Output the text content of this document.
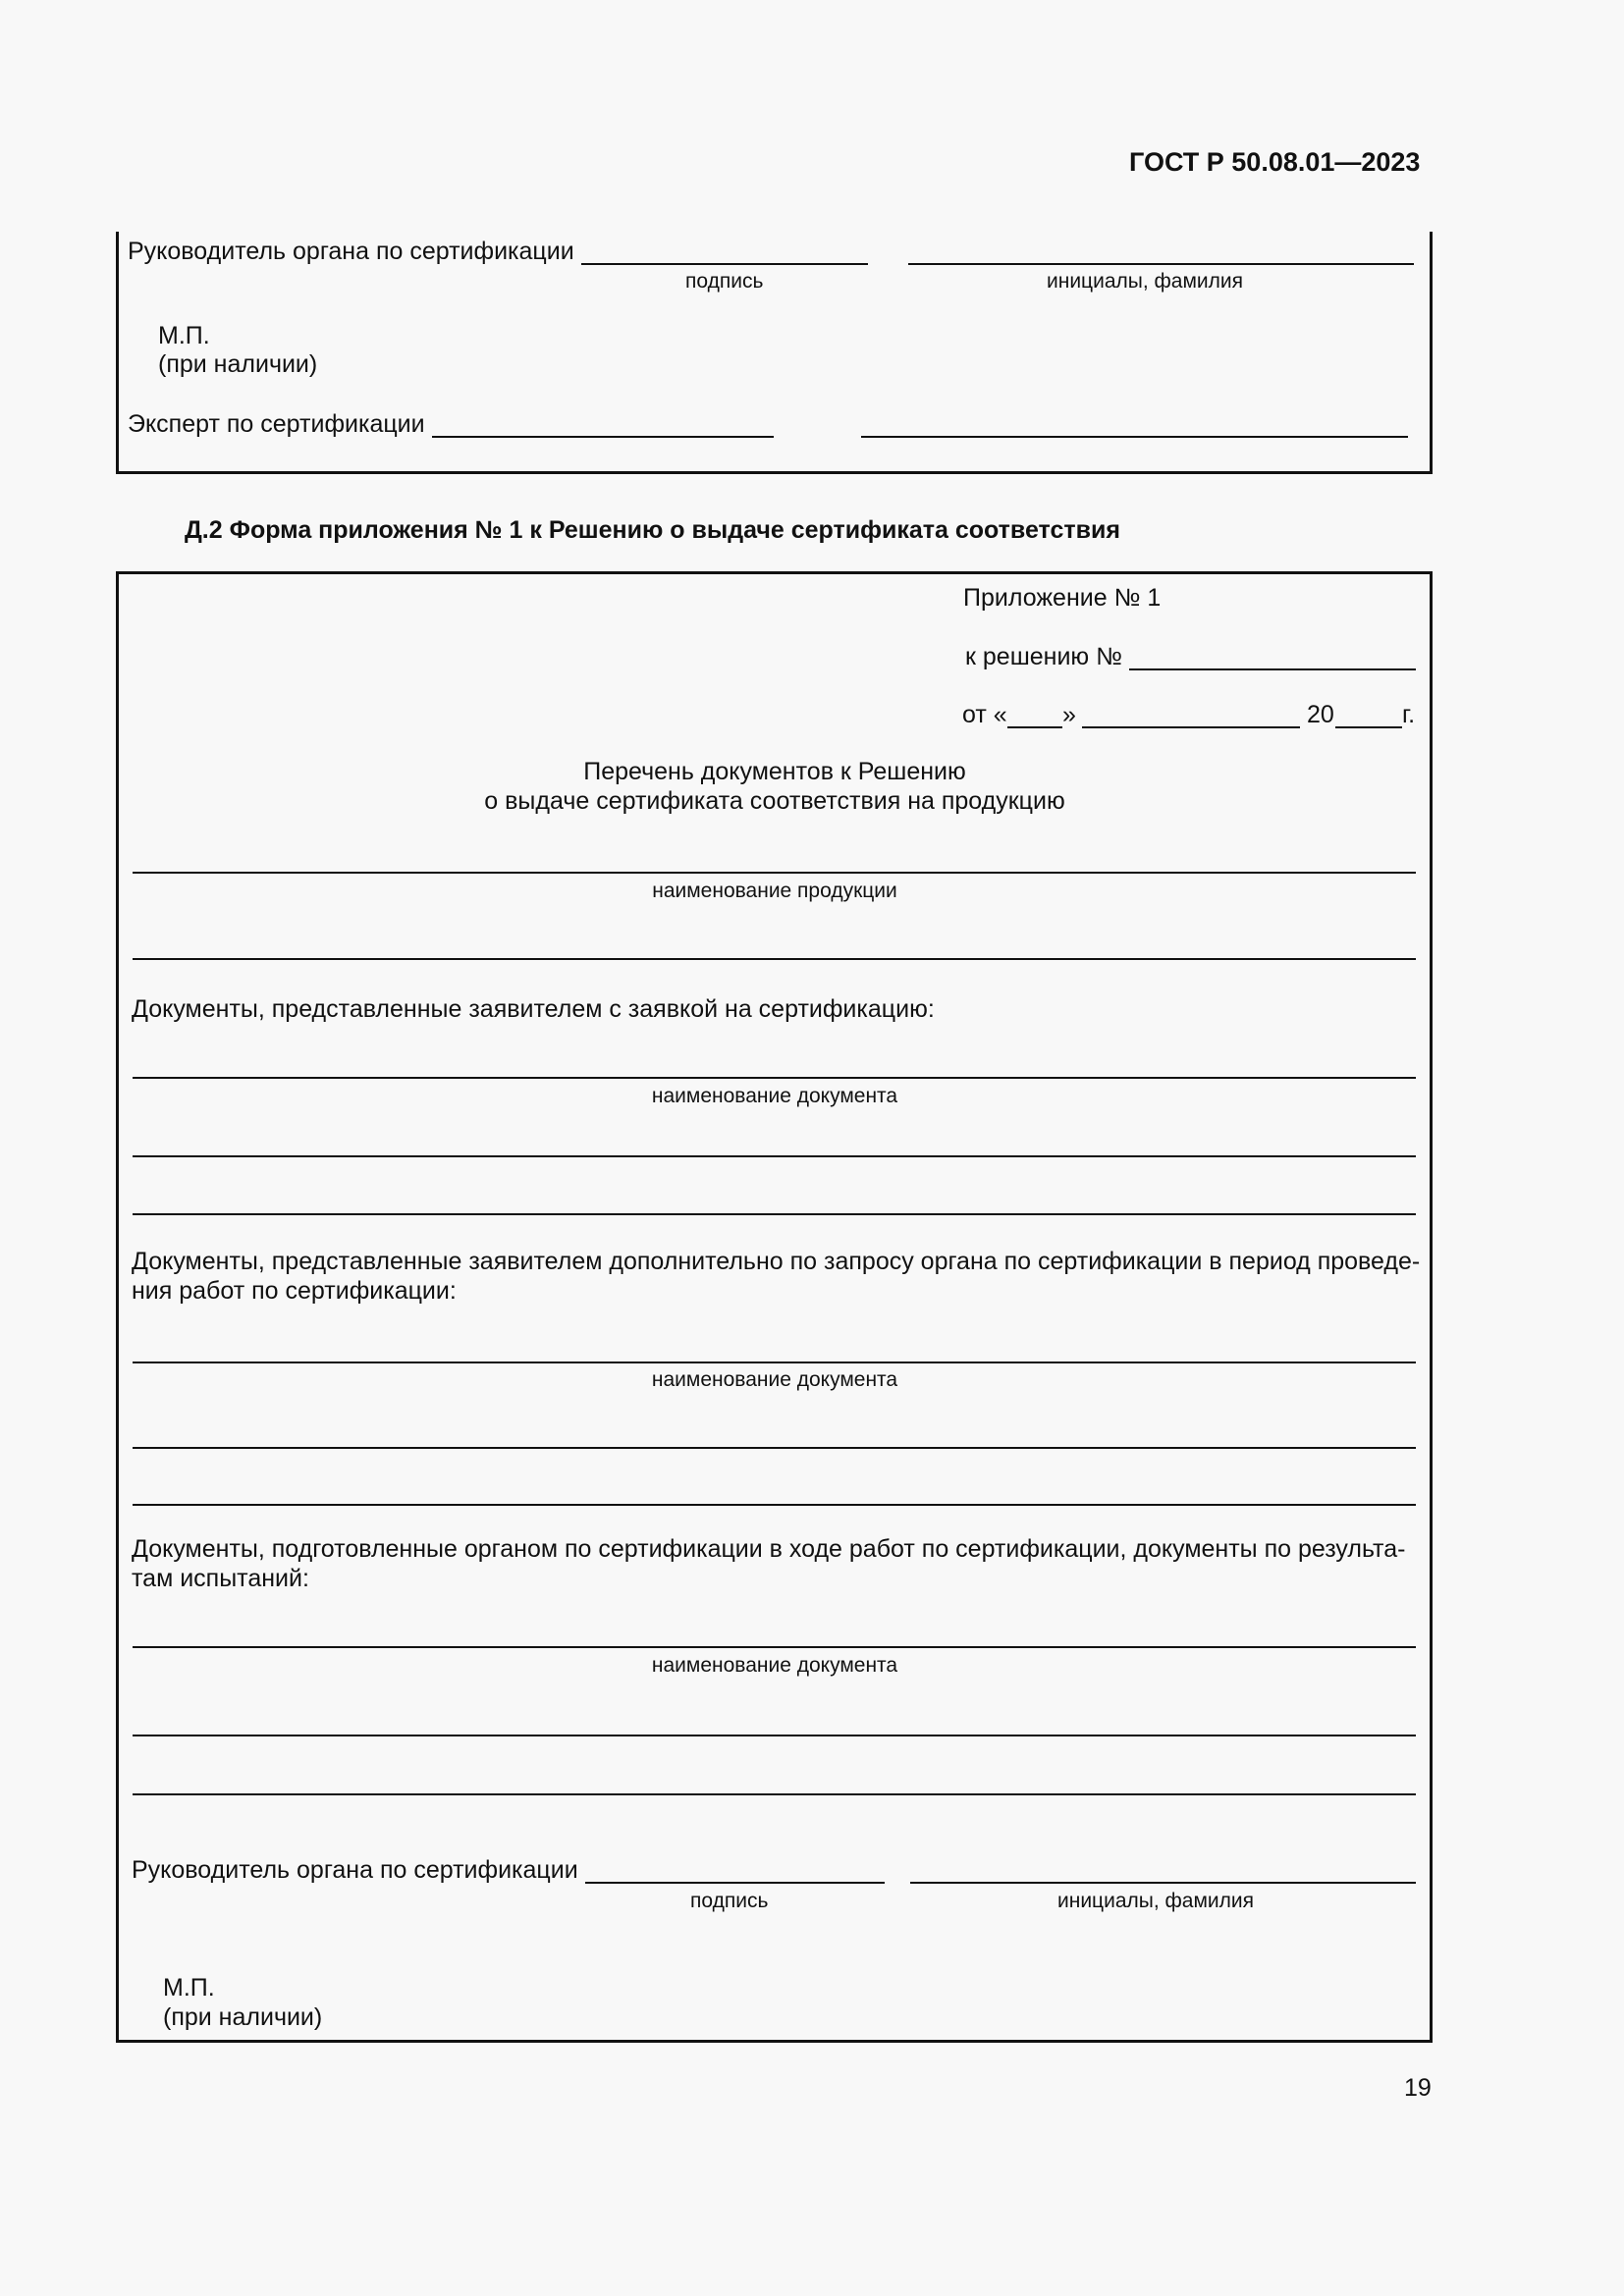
ГОСТ Р 50.08.01—2023
Руководитель органа по сертификации
подпись	инициалы, фамилия
М.П.
(при наличии)
Эксперт по сертификации
Д.2 Форма приложения № 1 к Решению о выдаче сертификата соответствия
Приложение № 1
к решению №
от « »	20	г.
Перечень документов к Решению
о выдаче сертификата соответствия на продукцию
наименование продукции
Документы, представленные заявителем с заявкой на сертификацию:
наименование документа
Документы, представленные заявителем дополнительно по запросу органа по сертификации в период проведе-
ния работ по сертификации:
наименование документа
Документы, подготовленные органом по сертификации в ходе работ по сертификации, документы по результа-
там испытаний:
наименование документа
Руководитель органа по сертификации
подпись	инициалы, фамилия
М.П.
(при наличии)
19
